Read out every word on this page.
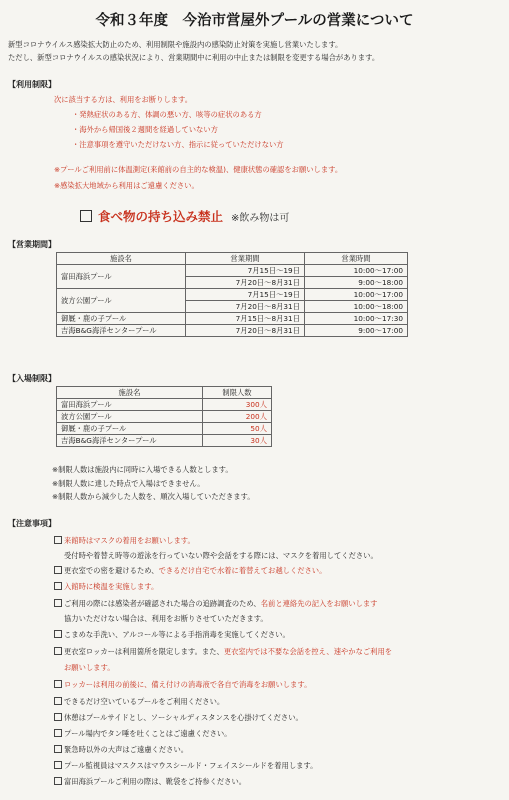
令和３年度　今治市営屋外プールの営業について
新型コロナウイルス感染拡大防止のため、利用制限や施設内の感染防止対策を実施し営業いたします。
ただし、新型コロナウイルスの感染状況により、営業期間中に利用の中止または制限を変更する場合があります。
【利用制限】
次に該当する方は、利用をお断りします。
・発熱症状のある方、体調の悪い方、咳等の症状のある方
・海外から帰国後２週間を経過していない方
・注意事項を遵守いただけない方、指示に従っていただけない方
※プールご利用前に体温測定(来館前の自主的な検温)、健康状態の確認をお願いします。
※感染拡大地域から利用はご遠慮ください。
食べ物の持ち込み禁止 ※飲み物は可
【営業期間】
施設名	営業期間	営業時間
富田海浜プール	7月15日～19日	10:00～17:00
	7月20日～8月31日	9:00～18:00
波方公園プール	7月15日～19日	10:00～17:00
	7月20日～8月31日	10:00～18:00
御厩・鹿の子プール	7月15日～8月31日	10:00～17:30
吉海B&G海洋センタープール	7月20日～8月31日	9:00～17:00
【入場制限】
施設名	制限人数
富田海浜プール	300人
波方公園プール	200人
御厩・鹿の子プール	50人
吉海B&G海洋センタープール	30人
※制限人数は施設内に同時に入場できる人数とします。
※制限人数に達した時点で入場はできません。
※制限人数から減少した人数を、順次入場していただきます。
【注意事項】
来館時はマスクの着用をお願いします。
受付時や着替え時等の遊泳を行っていない際や会話をする際には、マスクを着用してください。
更衣室での密を避けるため、できるだけ自宅で水着に着替えてお越しください。
入館時に検温を実施します。
ご利用の際には感染者が確認された場合の追跡調査のため、名前と連絡先の記入をお願いします
協力いただけない場合は、利用をお断りさせていただきます。
こまめな手洗い、アルコール等による手指消毒を実施してください。
更衣室ロッカーは利用箇所を限定します。また、更衣室内では不要な会話を控え、速やかなご利用を
お願いします。
ロッカーは利用の前後に、備え付けの消毒液で各自で消毒をお願いします。
できるだけ空いているプールをご利用ください。
休憩はプールサイドとし、ソーシャルディスタンスを心掛けてください。
プール場内でタン唾を吐くことはご遠慮ください。
緊急時以外の大声はご遠慮ください。
プール監視員はマスクスはマウスシールド・フェイスシールドを着用します。
富田海浜プールご利用の際は、靴袋をご持参ください。
